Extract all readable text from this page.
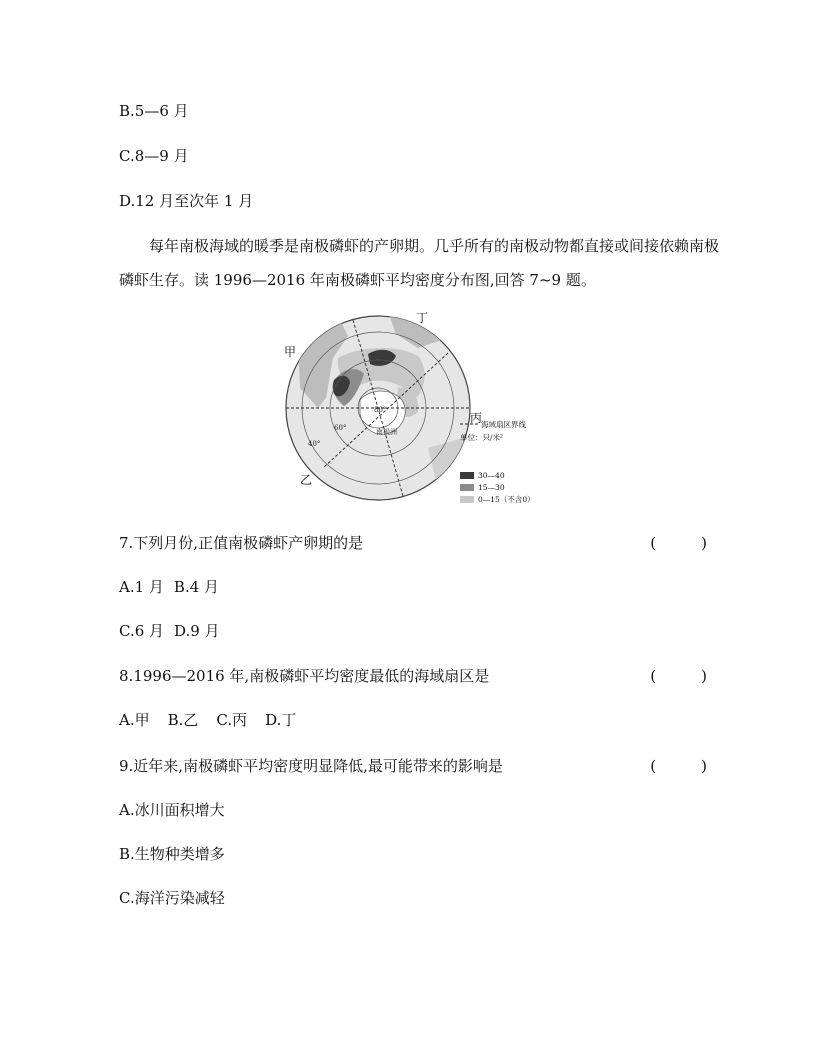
B.5—6 月
C.8—9 月
D.12 月至次年 1 月
每年南极海域的暖季是南极磷虾的产卵期。几乎所有的南极动物都直接或间接依赖南极磷虾生存。读 1996—2016 年南极磷虾平均密度分布图,回答 7~9 题。
80°
60°
40°
南极洲
甲
丁
丙
乙
海域扇区界线
单位：只/米²
30—40
15—30
0—15（不含0）
7.下列月份,正值南极磷虾产卵期的是	(　　　)
A.1 月 B.4 月
C.6 月 D.9 月
8.1996—2016 年,南极磷虾平均密度最低的海域扇区是	(　　　)
A.甲 B.乙 C.丙 D.丁
9.近年来,南极磷虾平均密度明显降低,最可能带来的影响是	(　　　)
A.冰川面积增大
B.生物种类增多
C.海洋污染减轻
